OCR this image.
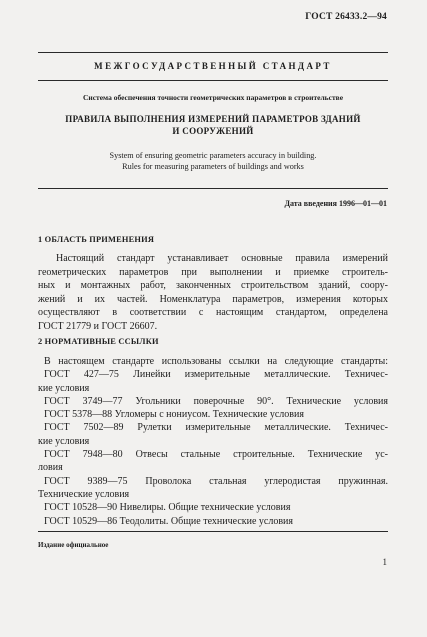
ГОСТ 26433.2—94
МЕЖГОСУДАРСТВЕННЫЙ СТАНДАРТ
Система обеспечения точности геометрических параметров в строительстве
ПРАВИЛА ВЫПОЛНЕНИЯ ИЗМЕРЕНИЙ ПАРАМЕТРОВ ЗДАНИЙ
И СООРУЖЕНИЙ
System of ensuring geometric parameters accuracy in building.
Rules for measuring parameters of buildings and works
Дата введения 1996—01—01
1 ОБЛАСТЬ ПРИМЕНЕНИЯ
Настоящий стандарт устанавливает основные правила измерений
геометрических параметров при выполнении и приемке строитель-
ных и монтажных работ, законченных строительством зданий, соору-
жений и их частей. Номенклатура параметров, измерения которых
осуществляют в соответствии с настоящим стандартом, определена
ГОСТ 21779 и ГОСТ 26607.
2 НОРМАТИВНЫЕ ССЫЛКИ
В настоящем стандарте использованы ссылки на следующие стандарты:
ГОСТ 427—75 Линейки измерительные металлические. Техничес-
кие условия
ГОСТ 3749—77 Угольники поверочные 90°. Технические условия
ГОСТ 5378—88 Угломеры с нониусом. Технические условия
ГОСТ 7502—89 Рулетки измерительные металлические. Техничес-
кие условия
ГОСТ 7948—80 Отвесы стальные строительные. Технические ус-
ловия
ГОСТ 9389—75 Проволока стальная углеродистая пружинная.
Технические условия
ГОСТ 10528—90 Нивелиры. Общие технические условия
ГОСТ 10529—86 Теодолиты. Общие технические условия
Издание официальное
1
